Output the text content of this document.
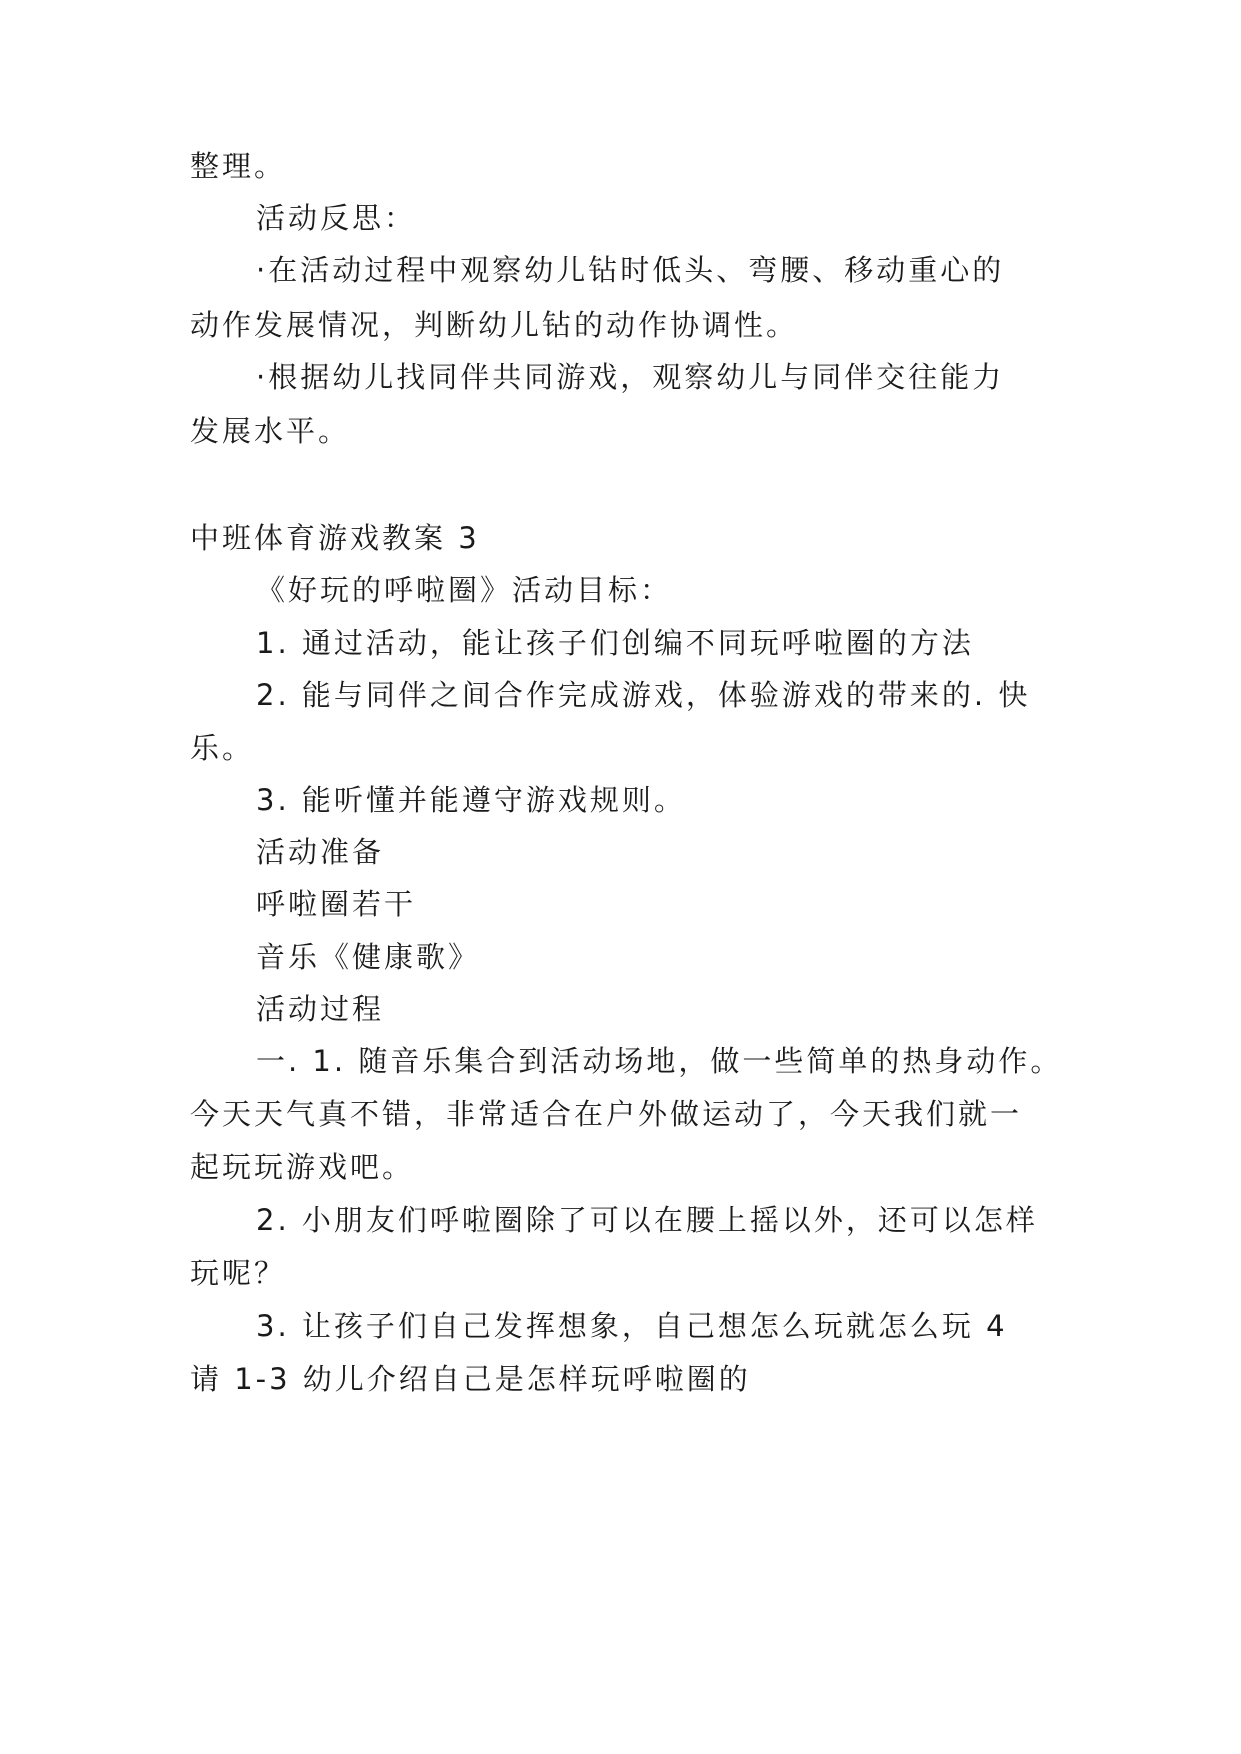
整理。
活动反思：
·在活动过程中观察幼儿钻时低头、弯腰、移动重心的
动作发展情况，判断幼儿钻的动作协调性。
·根据幼儿找同伴共同游戏，观察幼儿与同伴交往能力
发展水平。
中班体育游戏教案 3
《好玩的呼啦圈》活动目标：
1. 通过活动，能让孩子们创编不同玩呼啦圈的方法
2. 能与同伴之间合作完成游戏，体验游戏的带来的. 快
乐。
3. 能听懂并能遵守游戏规则。
活动准备
呼啦圈若干
音乐《健康歌》
活动过程
一. 1. 随音乐集合到活动场地，做一些简单的热身动作。
今天天气真不错，非常适合在户外做运动了，今天我们就一
起玩玩游戏吧。
2. 小朋友们呼啦圈除了可以在腰上摇以外，还可以怎样
玩呢？
3. 让孩子们自己发挥想象，自己想怎么玩就怎么玩 4
请 1-3 幼儿介绍自己是怎样玩呼啦圈的
